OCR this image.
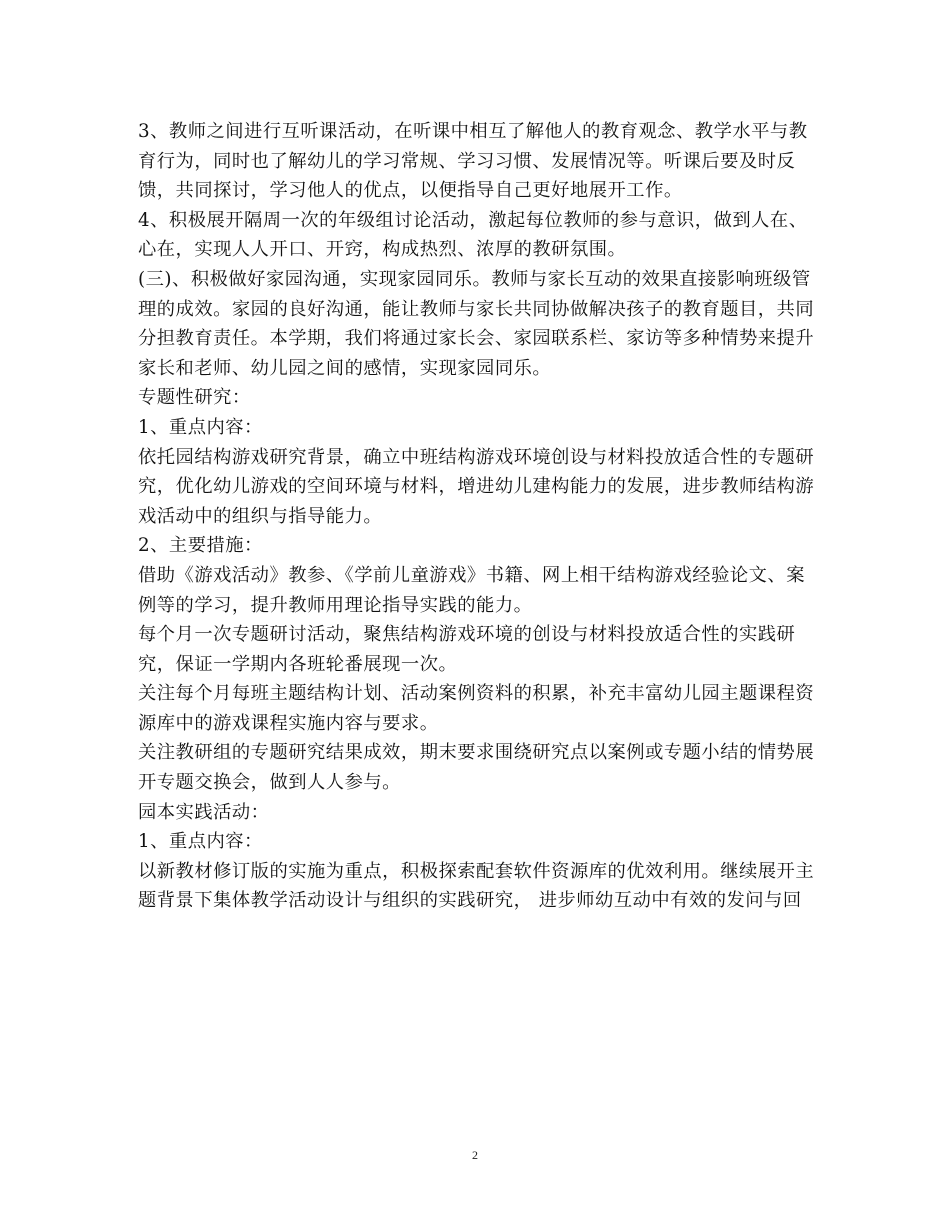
3、教师之间进行互听课活动，在听课中相互了解他人的教育观念、教学水平与教
育行为，同时也了解幼儿的学习常规、学习习惯、发展情况等。听课后要及时反
馈，共同探讨，学习他人的优点，以便指导自己更好地展开工作。
4、积极展开隔周一次的年级组讨论活动，激起每位教师的参与意识，做到人在、
心在，实现人人开口、开窍，构成热烈、浓厚的教研氛围。
(三)、积极做好家园沟通，实现家园同乐。教师与家长互动的效果直接影响班级管
理的成效。家园的良好沟通，能让教师与家长共同协做解决孩子的教育题目，共同
分担教育责任。本学期，我们将通过家长会、家园联系栏、家访等多种情势来提升
家长和老师、幼儿园之间的感情，实现家园同乐。
专题性研究：
1、重点内容：
依托园结构游戏研究背景，确立中班结构游戏环境创设与材料投放适合性的专题研
究，优化幼儿游戏的空间环境与材料，增进幼儿建构能力的发展，进步教师结构游
戏活动中的组织与指导能力。
2、主要措施：
借助《游戏活动》教参、《学前儿童游戏》书籍、网上相干结构游戏经验论文、案
例等的学习，提升教师用理论指导实践的能力。
每个月一次专题研讨活动，聚焦结构游戏环境的创设与材料投放适合性的实践研
究，保证一学期内各班轮番展现一次。
关注每个月每班主题结构计划、活动案例资料的积累，补充丰富幼儿园主题课程资
源库中的游戏课程实施内容与要求。
关注教研组的专题研究结果成效，期末要求围绕研究点以案例或专题小结的情势展
开专题交换会，做到人人参与。
园本实践活动：
1、重点内容：
以新教材修订版的实施为重点，积极探索配套软件资源库的优效利用。继续展开主
题背景下集体教学活动设计与组织的实践研究， 进步师幼互动中有效的发问与回
2
